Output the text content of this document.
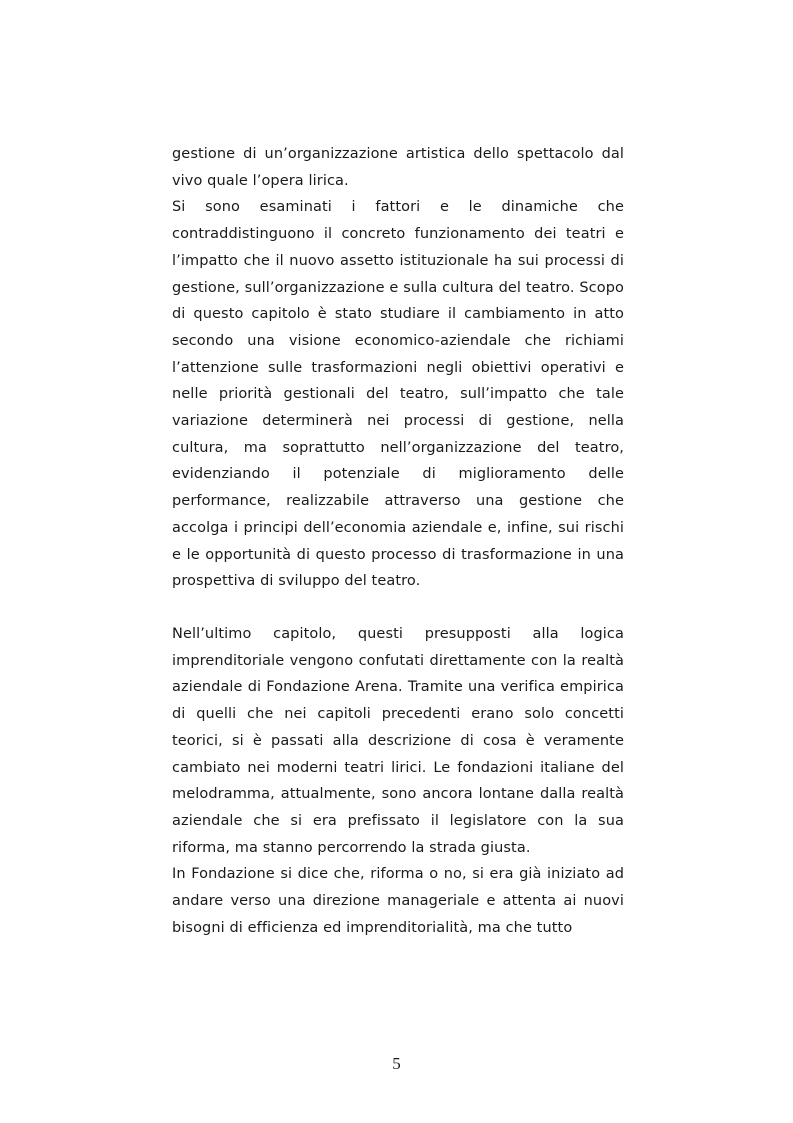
gestione di un’organizzazione artistica dello spettacolo dal vivo quale l’opera lirica.

Si sono esaminati i fattori e le dinamiche che contraddistinguono il concreto funzionamento dei teatri e l’impatto che il nuovo assetto istituzionale ha sui processi di gestione, sull’organizzazione e sulla cultura del teatro. Scopo di questo capitolo è stato studiare il cambiamento in atto secondo una visione economico-aziendale che richiami l’attenzione sulle trasformazioni negli obiettivi operativi e nelle priorità gestionali del teatro, sull’impatto che tale variazione determinerà nei processi di gestione, nella cultura, ma soprattutto nell’organizzazione del teatro, evidenziando il potenziale di miglioramento delle performance, realizzabile attraverso una gestione che accolga i principi dell’economia aziendale e, infine, sui rischi e le opportunità di questo processo di trasformazione in una prospettiva di sviluppo del teatro.

Nell’ultimo capitolo, questi presupposti alla logica imprenditoriale vengono confutati direttamente con la realtà aziendale di Fondazione Arena. Tramite una verifica empirica di quelli che nei capitoli precedenti erano solo concetti teorici, si è passati alla descrizione di cosa è veramente cambiato nei moderni teatri lirici. Le fondazioni italiane del melodramma, attualmente, sono ancora lontane dalla realtà aziendale che si era prefissato il legislatore con la sua riforma, ma stanno percorrendo la strada giusta.

In Fondazione si dice che, riforma o no, si era già iniziato ad andare verso una direzione manageriale e attenta ai nuovi bisogni di efficienza ed imprenditorialità, ma che tutto

5
